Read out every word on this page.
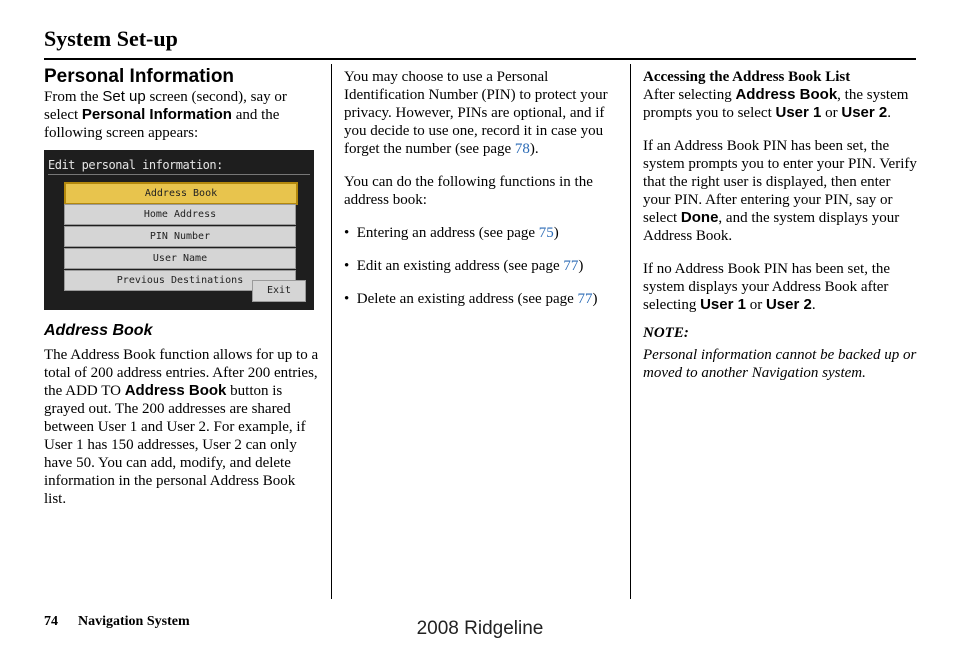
System Set-up
Personal Information

From the Set up screen (second), say or select Personal Information and the following screen appears:

Edit personal information:
Address Book
Home Address
PIN Number
User Name
Previous Destinations
Exit
Address Book

The Address Book function allows for up to a total of 200 address entries. After 200 entries, the ADD TO Address Book button is grayed out. The 200 addresses are shared between User 1 and User 2. For example, if User 1 has 150 addresses, User 2 can only have 50. You can add, modify, and delete information in the personal Address Book list.

You may choose to use a Personal Identification Number (PIN) to protect your privacy. However, PINs are optional, and if you decide to use one, record it in case you forget the number (see page 78).

You can do the following functions in the address book:

•  Entering an address (see page 75)
•  Edit an existing address (see page 77)
•  Delete an existing address (see page 77)
Accessing the Address Book List

After selecting Address Book, the system prompts you to select User 1 or User 2.

If an Address Book PIN has been set, the system prompts you to enter your PIN. Verify that the right user is displayed, then enter your PIN. After entering your PIN, say or select Done, and the system displays your Address Book.

If no Address Book PIN has been set, the system displays your Address Book after selecting User 1 or User 2.

NOTE:
Personal information cannot be backed up or moved to another Navigation system.
74 Navigation System	2008 Ridgeline
